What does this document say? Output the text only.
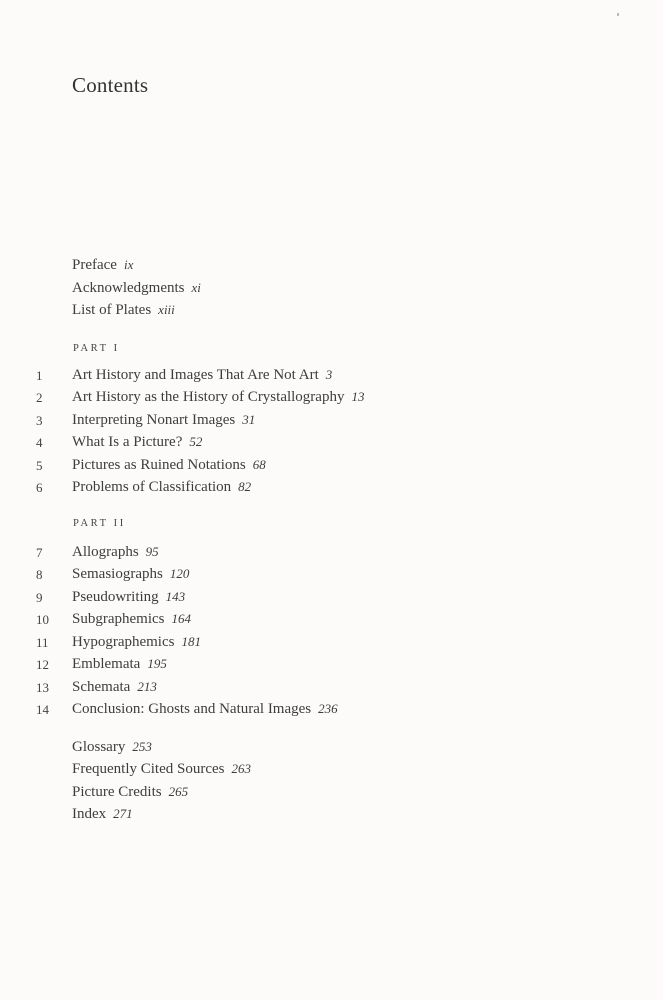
Contents
Preface ix
Acknowledgments xi
List of Plates xiii
PART I
1	Art History and Images That Are Not Art 3
2	Art History as the History of Crystallography 13
3	Interpreting Nonart Images 31
4	What Is a Picture? 52
5	Pictures as Ruined Notations 68
6	Problems of Classification 82
PART II
7	Allographs 95
8	Semasiographs 120
9	Pseudowriting 143
10	Subgraphemics 164
11	Hypographemics 181
12	Emblemata 195
13	Schemata 213
14	Conclusion: Ghosts and Natural Images 236
Glossary 253
Frequently Cited Sources 263
Picture Credits 265
Index 271
